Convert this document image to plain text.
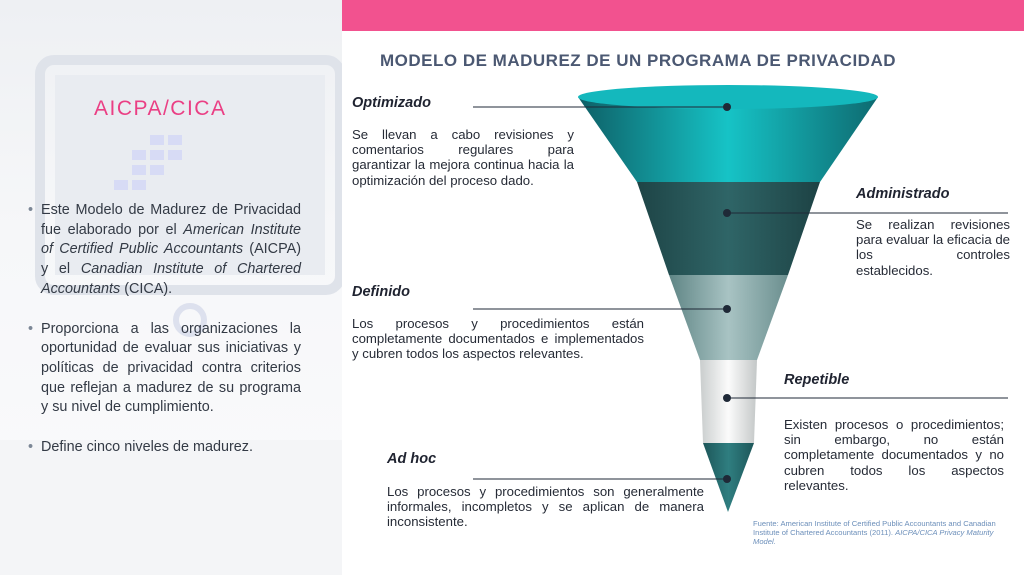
MODELO DE MADUREZ DE UN PROGRAMA DE PRIVACIDAD
AICPA/CICA
• Este Modelo de Madurez de Privacidad fue elaborado por el American Institute of Certified Public Accountants (AICPA) y el Canadian Institute of Chartered Accountants (CICA).
• Proporciona a las organizaciones la oportunidad de evaluar sus iniciativas y políticas de privacidad contra criterios que reflejan a madurez de su programa y su nivel de cumplimiento.
• Define cinco niveles de madurez.
Optimizado
Se llevan a cabo revisiones y comentarios regulares para garantizar la mejora continua hacia la optimización del proceso dado.
Administrado
Se realizan revisiones para evaluar la eficacia de los controles establecidos.
Definido
Los procesos y procedimientos están completamente documentados e implementados y cubren todos los aspectos relevantes.
Repetible
Existen procesos o procedimientos; sin embargo, no están completamente documentados y no cubren todos los aspectos relevantes.
Ad hoc
Los procesos y procedimientos son generalmente informales, incompletos y se aplican de manera inconsistente.	Fuente: American Institute of Certified Public Accountants and Canadian Institute of Chartered Accountants (2011). AICPA/CICA Privacy Maturity Model.
